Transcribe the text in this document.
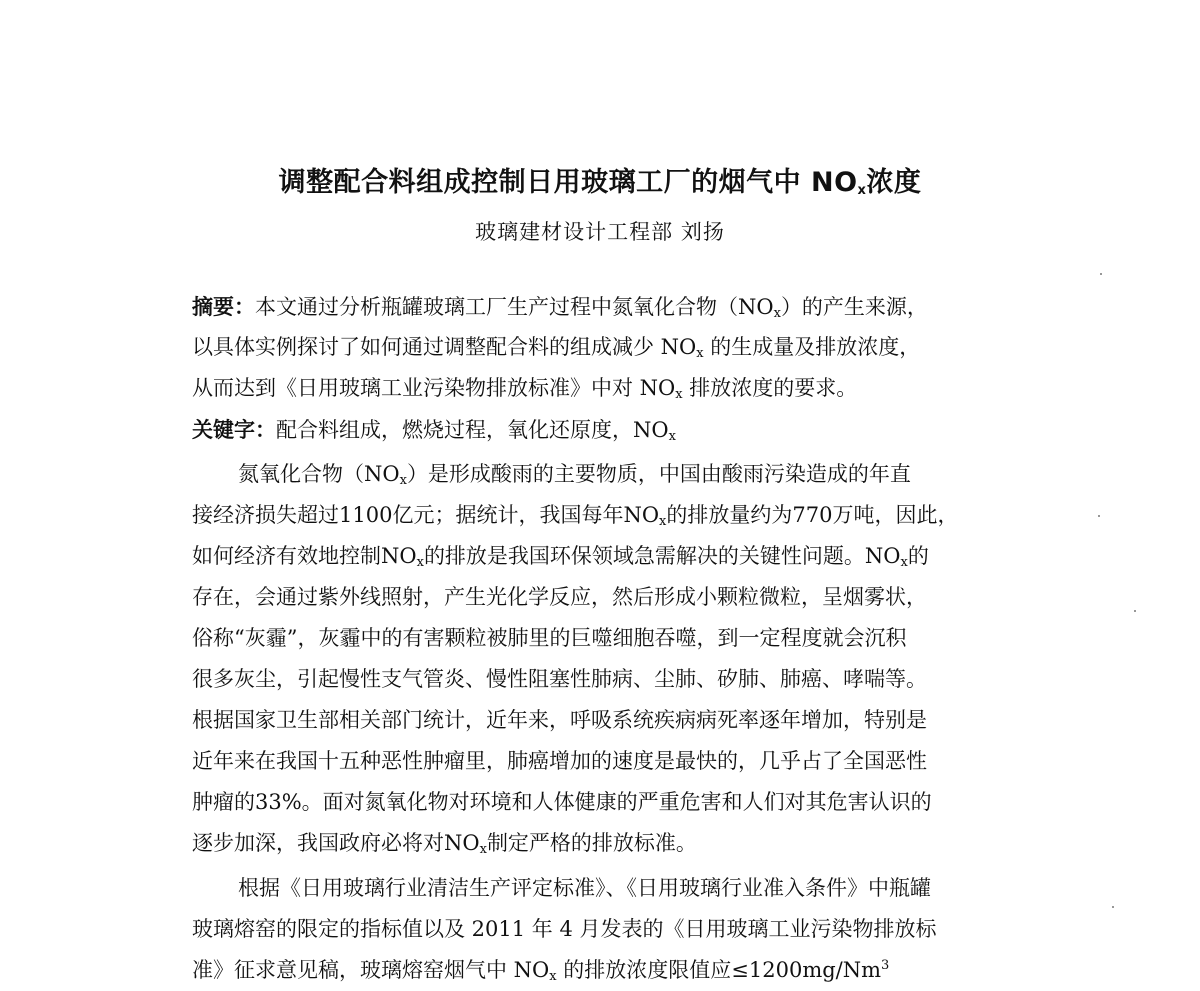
调整配合料组成控制日用玻璃工厂的烟气中 $NO_x$浓度
玻璃建材设计工程部 刘扬
摘要：本文通过分析瓶罐玻璃工厂生产过程中氮氧化合物$(NO_x)$的产生来源，
以具体实例探讨了如何通过调整配合料的组成减少 $NO_x$ 的生成量及排放浓度，
从而达到《日用玻璃工业污染物排放标准》中对 $NO_x$ 排放浓度的要求。
关键字：配合料组成，燃烧过程，氧化还原度，$NO_x$
氮氧化合物$(NO_x)$是形成酸雨的主要物质，中国由酸雨污染造成的年直
接经济损失超过1100亿元；据统计，我国每年$NO_x$的排放量约为770万吨，因此，
如何经济有效地控制$NO_x$的排放是我国环保领域急需解决的关键性问题。$NO_x$的
存在，会通过紫外线照射，产生光化学反应，然后形成小颗粒微粒，呈烟雾状，
俗称“灰霾”，灰霾中的有害颗粒被肺里的巨噬细胞吞噬，到一定程度就会沉积
很多灰尘，引起慢性支气管炎、慢性阻塞性肺病、尘肺、矽肺、肺癌、哮喘等。
根据国家卫生部相关部门统计，近年来，呼吸系统疾病病死率逐年增加，特别是
近年来在我国十五种恶性肿瘤里，肺癌增加的速度是最快的，几乎占了全国恶性
肿瘤的33%。面对氮氧化物对环境和人体健康的严重危害和人们对其危害认识的
逐步加深，我国政府必将对$NO_x$制定严格的排放标准。
根据《日用玻璃行业清洁生产评定标准》、《日用玻璃行业准入条件》中瓶罐
玻璃熔窑的限定的指标值以及 2011 年 4 月发表的《日用玻璃工业污染物排放标
准》征求意见稿，玻璃熔窑烟气中 $NO_x$ 的排放浓度限值应$\le 1200mg/Nm^3$
